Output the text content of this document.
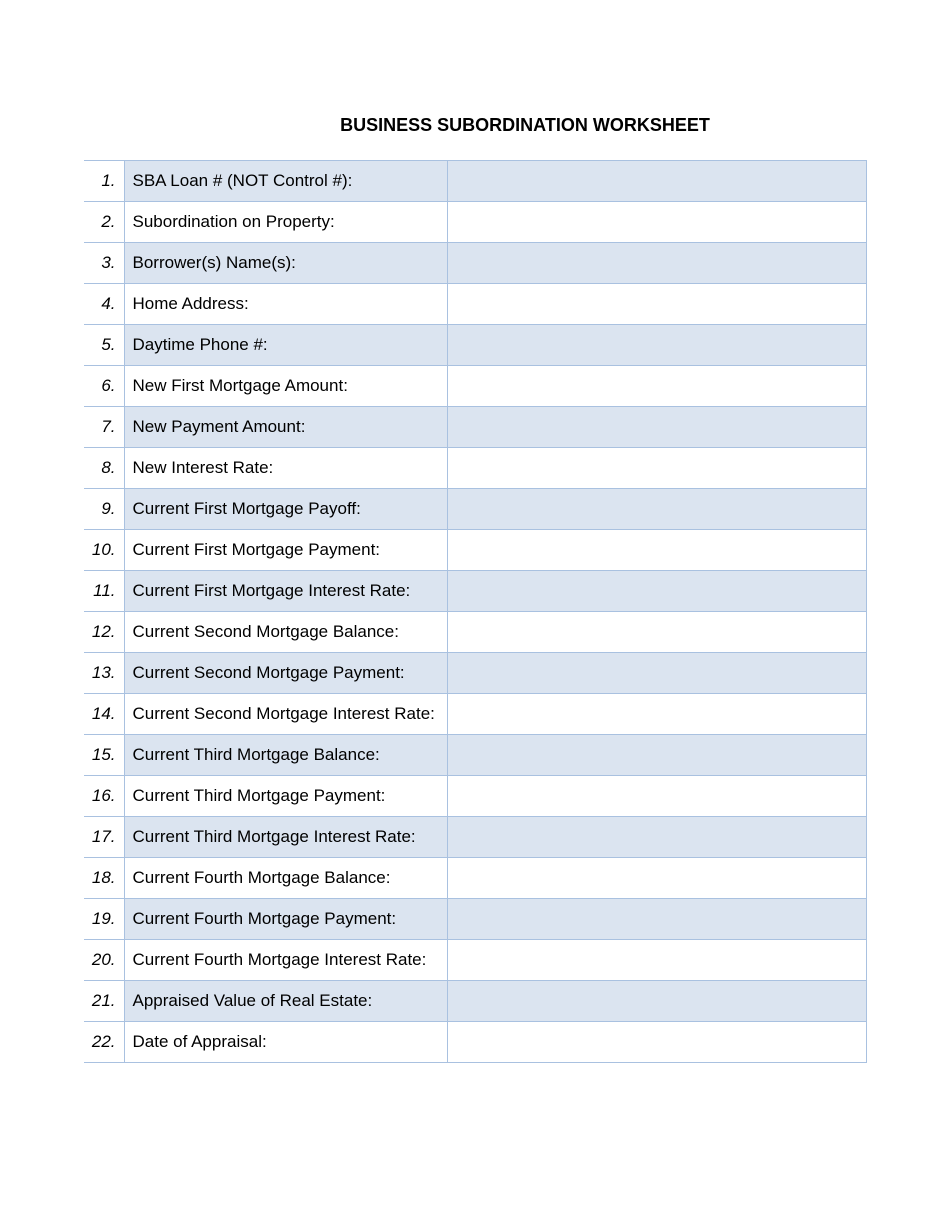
BUSINESS SUBORDINATION WORKSHEET
1.	SBA Loan # (NOT Control #):	
2.	Subordination on Property:	
3.	Borrower(s) Name(s):	
4.	Home Address:	
5.	Daytime Phone #:	
6.	New First Mortgage Amount:	
7.	New Payment Amount:	
8.	New Interest Rate:	
9.	Current First Mortgage Payoff:	
10.	Current First Mortgage Payment:	
11.	Current First Mortgage Interest Rate:	
12.	Current Second Mortgage Balance:	
13.	Current Second Mortgage Payment:	
14.	Current Second Mortgage Interest Rate:	
15.	Current Third Mortgage Balance:	
16.	Current Third Mortgage Payment:	
17.	Current Third Mortgage Interest Rate:	
18.	Current Fourth Mortgage Balance:	
19.	Current Fourth Mortgage Payment:	
20.	Current Fourth Mortgage Interest Rate:	
21.	Appraised Value of Real Estate:	
22.	Date of Appraisal:	
